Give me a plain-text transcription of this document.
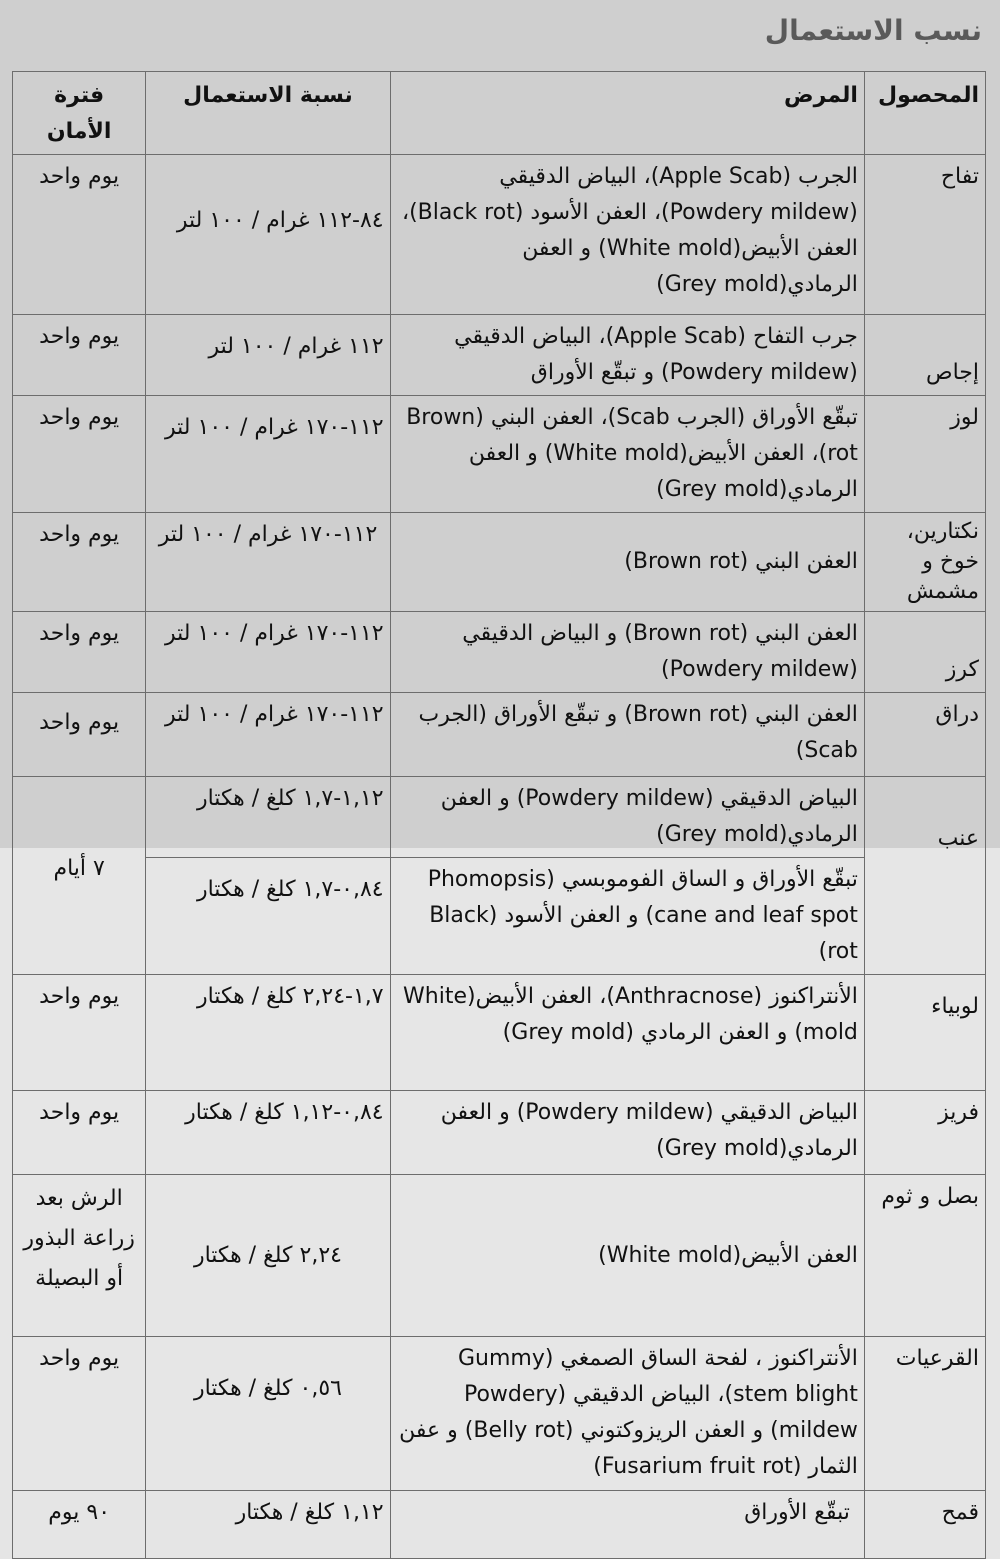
نسب الاستعمال
المحصول	المرض	نسبة الاستعمال	فترة الأمان
تفاح	الجرب (Apple Scab)، البياض الدقيقي (Powdery mildew)، العفن الأسود (Black rot)، العفن الأبيض(White mold) و العفن الرمادي(Grey mold)	٨٤-١١٢ غرام / ١٠٠ لتر	يوم واحد
إجاص	جرب التفاح (Apple Scab)، البياض الدقيقي (Powdery mildew) و تبقّع الأوراق	١١٢ غرام / ١٠٠ لتر	يوم واحد
لوز	تبقّع الأوراق (الجرب Scab)، العفن البني (Brown rot)، العفن الأبيض(White mold) و العفن الرمادي(Grey mold)	١١٢-١٧٠ غرام / ١٠٠ لتر	يوم واحد
نكتارين، خوخ و مشمش	العفن البني (Brown rot)	١١٢-١٧٠ غرام / ١٠٠ لتر	يوم واحد
كرز	العفن البني (Brown rot) و البياض الدقيقي (Powdery mildew)	١١٢-١٧٠ غرام / ١٠٠ لتر	يوم واحد
دراق	العفن البني (Brown rot) و تبقّع الأوراق (الجرب Scab)	١١٢-١٧٠ غرام / ١٠٠ لتر	يوم واحد
عنب	البياض الدقيقي (Powdery mildew) و العفن الرمادي(Grey mold)	١,١٢-١,٧ كلغ / هكتار	٧ أيام
	تبقّع الأوراق و الساق الفوموبسي (Phomopsis cane and leaf spot) و العفن الأسود (Black rot)	٠,٨٤-١,٧ كلغ / هكتار	
لوبياء	الأنتراكنوز (Anthracnose)، العفن الأبيض(White mold) و العفن الرمادي (Grey mold)	١,٧-٢,٢٤ كلغ / هكتار	يوم واحد
فريز	البياض الدقيقي (Powdery mildew) و العفن الرمادي(Grey mold)	٠,٨٤-١,١٢ كلغ / هكتار	يوم واحد
بصل و ثوم	العفن الأبيض(White mold)	٢,٢٤ كلغ / هكتار	الرش بعد زراعة البذور أو البصيلة
القرعيات	الأنتراكنوز ، لفحة الساق الصمغي (Gummy stem blight)، البياض الدقيقي (Powdery mildew) و العفن الريزوكتوني (Belly rot) و عفن الثمار (Fusarium fruit rot)	٠,٥٦ كلغ / هكتار	يوم واحد
قمح	تبقّع الأوراق	١,١٢ كلغ / هكتار	٩٠ يوم
